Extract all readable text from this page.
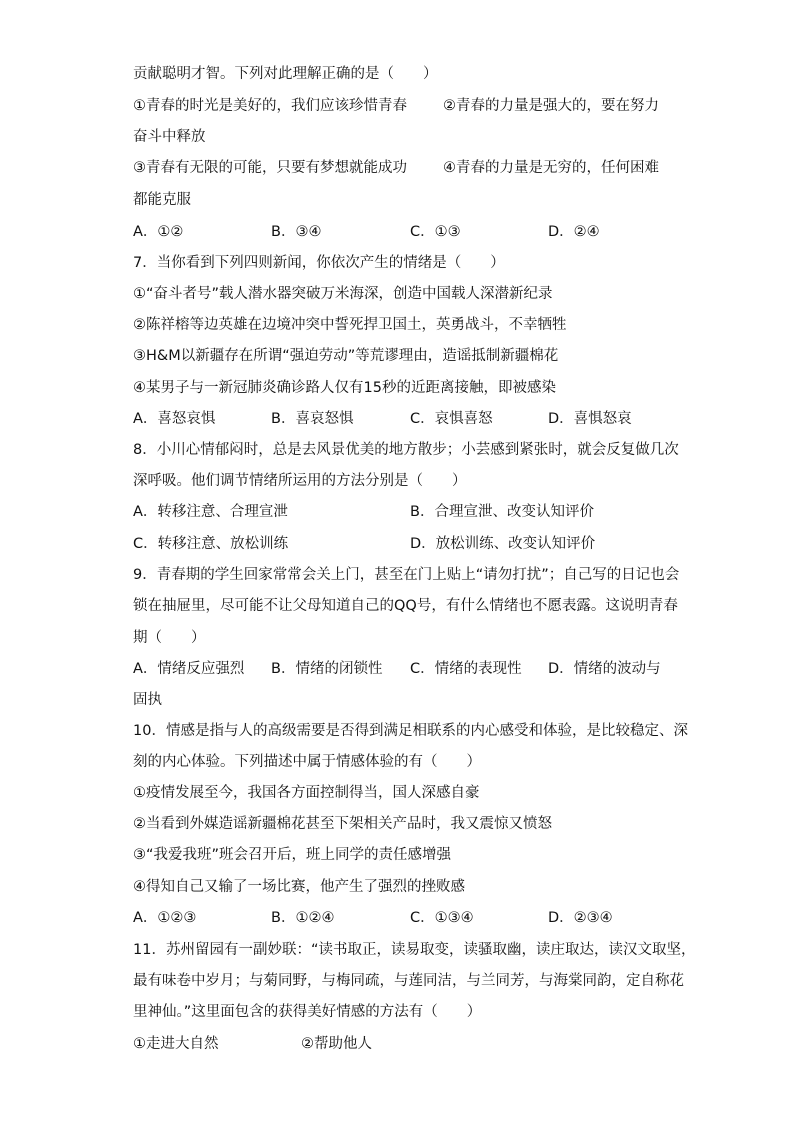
贡献聪明才智。下列对此理解正确的是（　　）
①青春的时光是美好的，我们应该珍惜青春 ②青春的力量是强大的，要在努力
奋斗中释放
③青春有无限的可能，只要有梦想就能成功 ④青春的力量是无穷的，任何困难
都能克服
A．①②	B．③④	C．①③	D．②④
7．当你看到下列四则新闻，你依次产生的情绪是（　　）
①“奋斗者号”载人潜水器突破万米海深，创造中国载人深潜新纪录
②陈祥榕等边英雄在边境冲突中誓死捍卫国土，英勇战斗，不幸牺牲
③H&M以新疆存在所谓“强迫劳动”等荒谬理由，造谣抵制新疆棉花
④某男子与一新冠肺炎确诊路人仅有15秒的近距离接触，即被感染
A．喜怒哀惧	B．喜哀怒惧	C．哀惧喜怒	D．喜惧怒哀
8．小川心情郁闷时，总是去风景优美的地方散步；小芸感到紧张时，就会反复做几次
深呼吸。他们调节情绪所运用的方法分别是（　　）
A．转移注意、合理宣泄	B．合理宣泄、改变认知评价
C．转移注意、放松训练	D．放松训练、改变认知评价
9．青春期的学生回家常常会关上门，甚至在门上贴上“请勿打扰”；自己写的日记也会
锁在抽屉里，尽可能不让父母知道自己的QQ号，有什么情绪也不愿表露。这说明青春
期（　　）
A．情绪反应强烈 B．情绪的闭锁性 C．情绪的表现性 D．情绪的波动与
固执
10．情感是指与人的高级需要是否得到满足相联系的内心感受和体验，是比较稳定、深
刻的内心体验。下列描述中属于情感体验的有（　　）
①疫情发展至今，我国各方面控制得当，国人深感自豪
②当看到外媒造谣新疆棉花甚至下架相关产品时，我又震惊又愤怒
③“我爱我班”班会召开后，班上同学的责任感增强
④得知自己又输了一场比赛，他产生了强烈的挫败感
A．①②③	B．①②④	C．①③④	D．②③④
11．苏州留园有一副妙联：“读书取正，读易取变，读骚取幽，读庄取达，读汉文取坚，
最有味卷中岁月；与菊同野，与梅同疏，与莲同洁，与兰同芳，与海棠同韵，定自称花
里神仙。”这里面包含的获得美好情感的方法有（　　）
①走进大自然	②帮助他人
